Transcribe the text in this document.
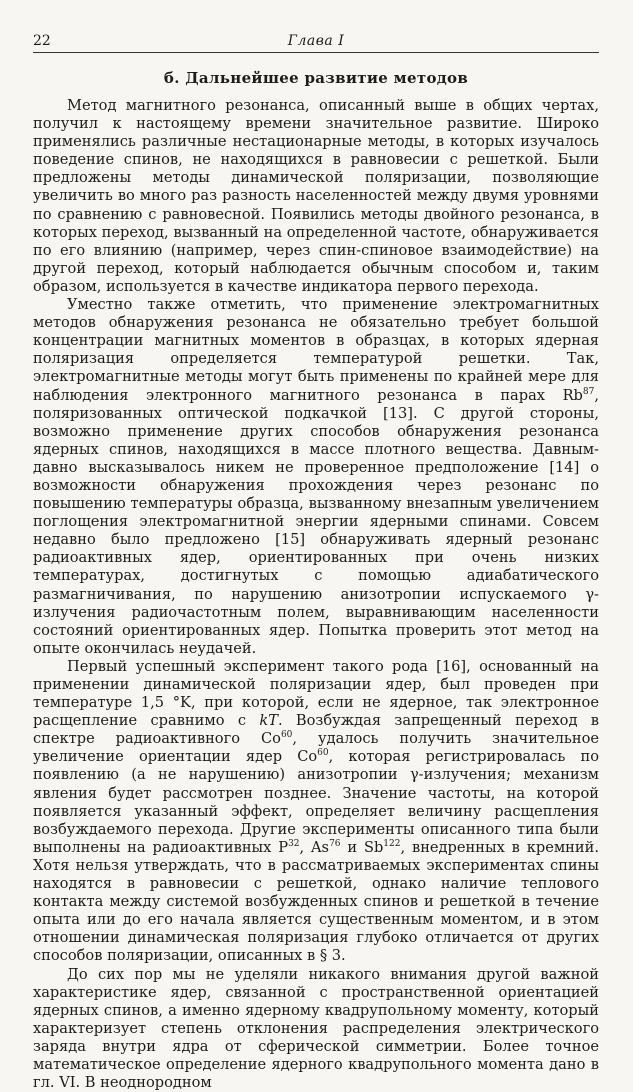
22	Глава I
б. Дальнейшее развитие методов

Метод магнитного резонанса, описанный выше в общих чертах, получил к настоящему времени значительное развитие. Широко применялись различные нестационарные методы, в которых изучалось поведение спинов, не находящихся в равновесии с решеткой. Были предложены методы динамической поляризации, позволяющие увеличить во много раз разность населенностей между двумя уровнями по сравнению с равновесной. Появились методы двойного резонанса, в которых переход, вызванный на определенной частоте, обнаруживается по его влиянию (например, через спин-спиновое взаимодействие) на другой переход, который наблюдается обычным способом и, таким образом, используется в качестве индикатора первого перехода.

Уместно также отметить, что применение электромагнитных методов обнаружения резонанса не обязательно требует большой концентрации магнитных моментов в образцах, в которых ядерная поляризация определяется температурой решетки. Так, электромагнитные методы могут быть применены по крайней мере для наблюдения электронного магнитного резонанса в парах Rb$^{87}$, поляризованных оптической подкачкой [13]. С другой стороны, возможно применение других способов обнаружения резонанса ядерных спинов, находящихся в массе плотного вещества. Давным-давно высказывалось никем не проверенное предположение [14] о возможности обнаружения прохождения через резонанс по повышению температуры образца, вызванному внезапным увеличением поглощения электромагнитной энергии ядерными спинами. Совсем недавно было предложено [15] обнаруживать ядерный резонанс радиоактивных ядер, ориентированных при очень низких температурах, достигнутых с помощью адиабатического размагничивания, по нарушению анизотропии испускаемого γ-излучения радиочастотным полем, выравнивающим населенности состояний ориентированных ядер. Попытка проверить этот метод на опыте окончилась неудачей.

Первый успешный эксперимент такого рода [16], основанный на применении динамической поляризации ядер, был проведен при температуре 1,5 °K, при которой, если не ядерное, так электронное расщепление сравнимо с kT. Возбуждая запрещенный переход в спектре радиоактивного Co$^{60}$, удалось получить значительное увеличение ориентации ядер Co$^{60}$, которая регистрировалась по появлению (а не нарушению) анизотропии γ-излучения; механизм явления будет рассмотрен позднее. Значение частоты, на которой появляется указанный эффект, определяет величину расщепления возбуждаемого перехода. Другие эксперименты описанного типа были выполнены на радиоактивных $P^{32}$, As$^{76}$ и Sb$^{122}$, внедренных в кремний. Хотя нельзя утверждать, что в рассматриваемых экспериментах спины находятся в равновесии с решеткой, однако наличие теплового контакта между системой возбужденных спинов и решеткой в течение опыта или до его начала является существенным моментом, и в этом отношении динамическая поляризация глубоко отличается от других способов поляризации, описанных в § 3.

До сих пор мы не уделяли никакого внимания другой важной характеристике ядер, связанной с пространственной ориентацией ядерных спинов, а именно ядерному квадрупольному моменту, который характеризует степень отклонения распределения электрического заряда внутри ядра от сферической симметрии. Более точное математическое определение ядерного квадрупольного момента дано в гл. VI. В неоднородном
